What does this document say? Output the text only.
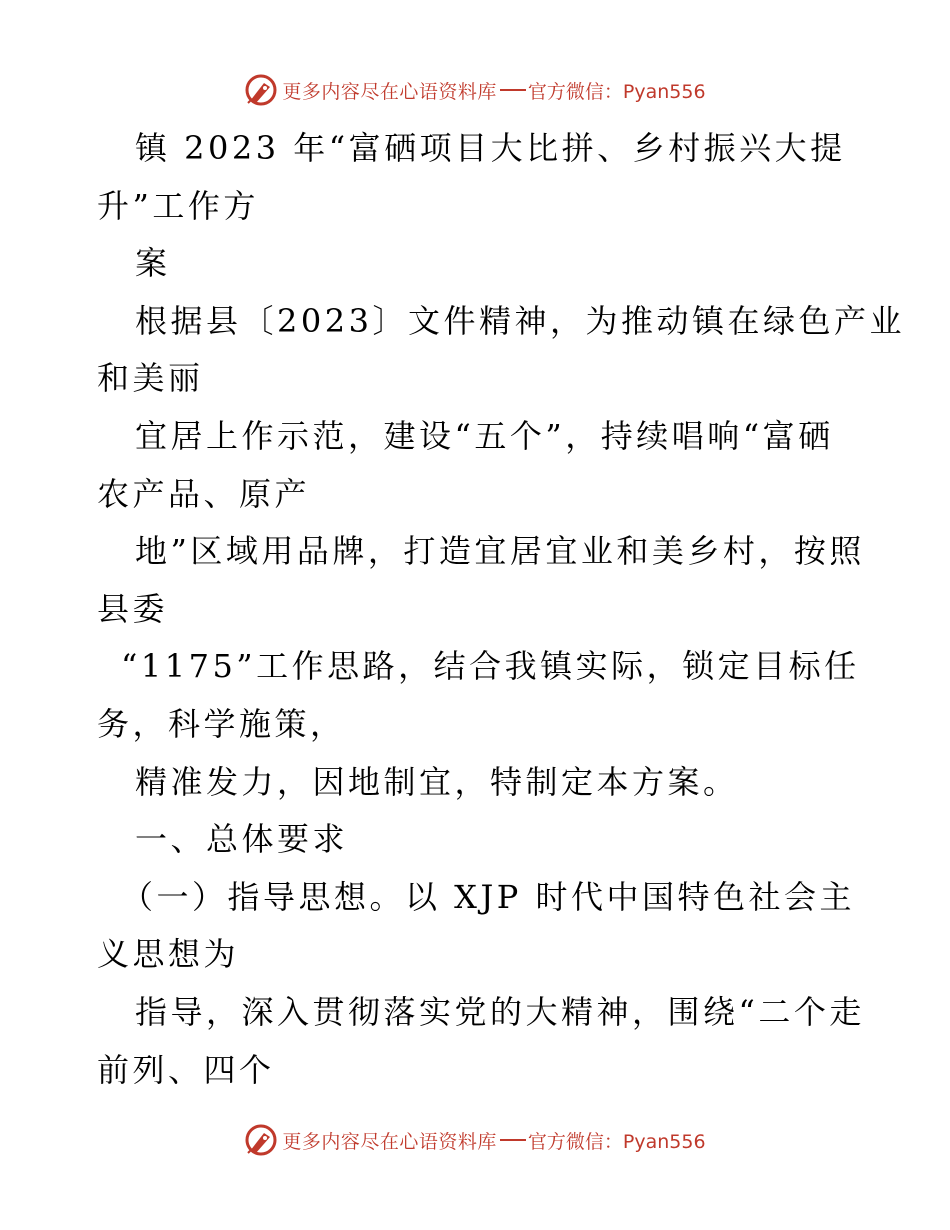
更多内容尽在心语资料库 官方微信：Pyan556
镇 2023 年“富硒项目大比拼、乡村振兴大提
升”工作方
案
根据县〔2023〕文件精神，为推动镇在绿色产业
和美丽
宜居上作示范，建设“五个”，持续唱响“富硒
农产品、原产
地”区域用品牌，打造宜居宜业和美乡村，按照
县委
“1175”工作思路，结合我镇实际，锁定目标任
务，科学施策，
精准发力，因地制宜，特制定本方案。
一、总体要求
（一）指导思想。以 XJP 时代中国特色社会主
义思想为
指导，深入贯彻落实党的大精神，围绕“二个走
前列、四个
更多内容尽在心语资料库 官方微信：Pyan556
